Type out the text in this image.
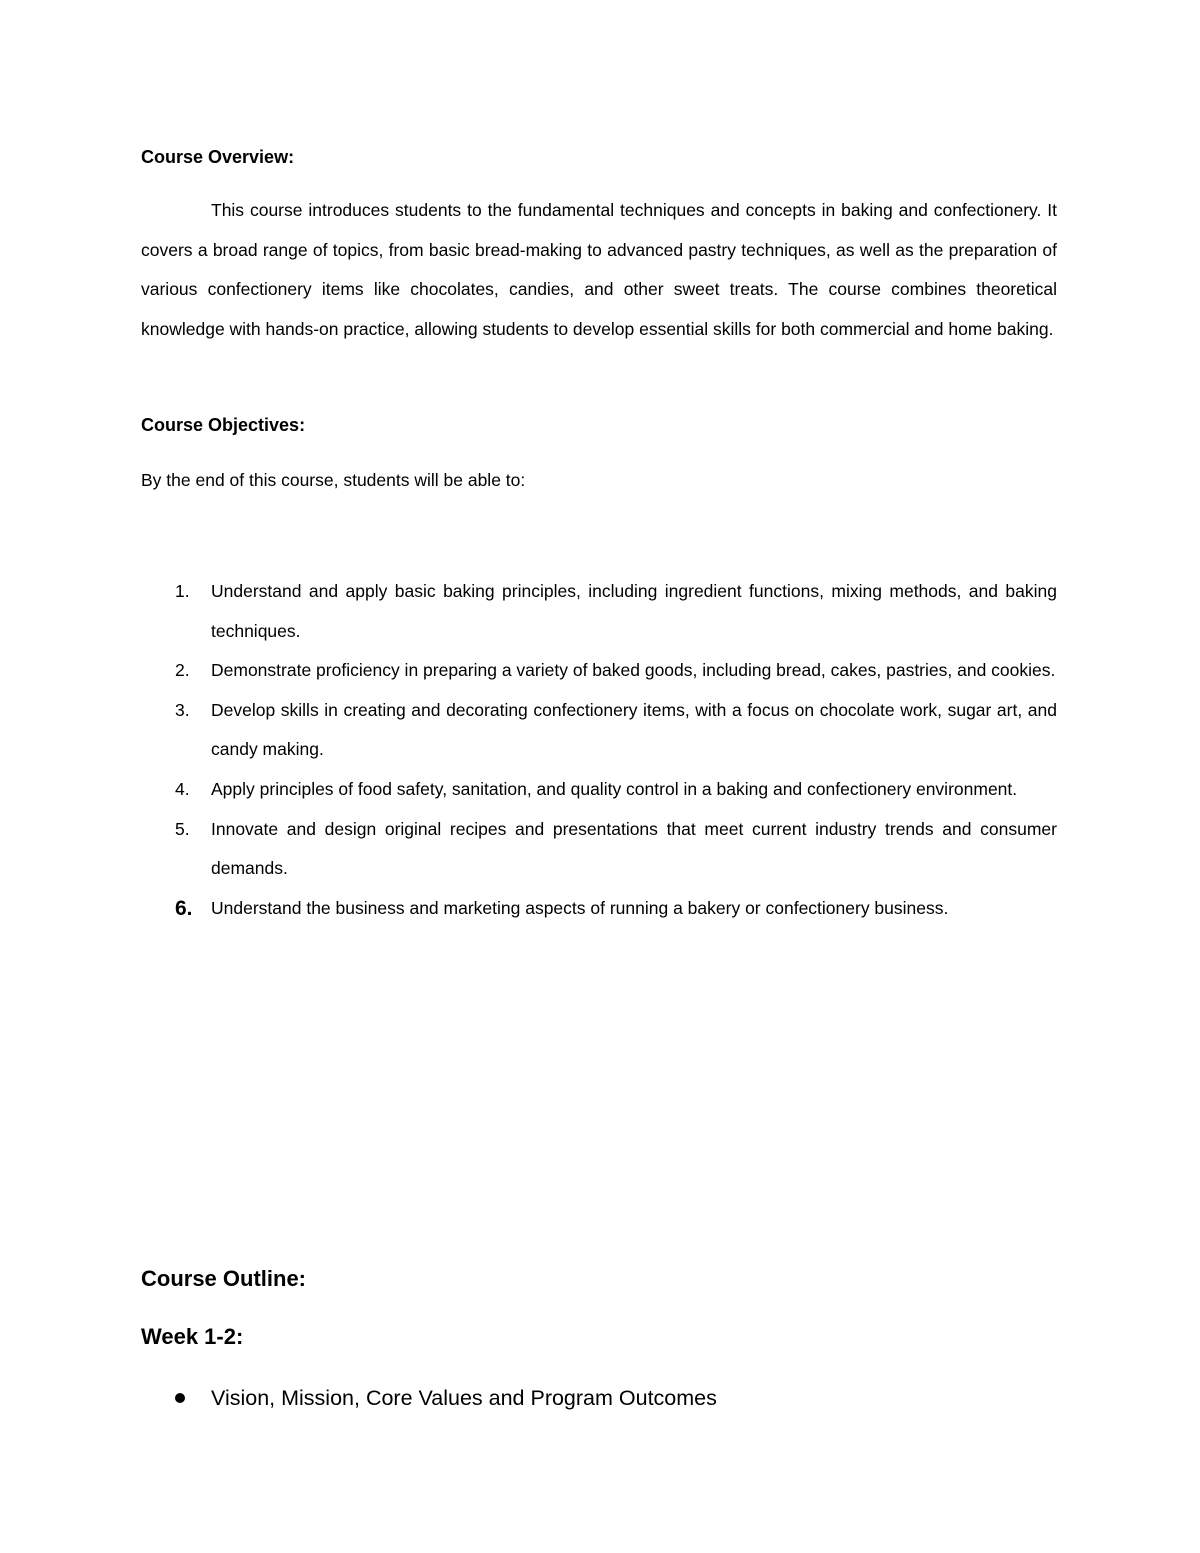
Course Overview:
This course introduces students to the fundamental techniques and concepts in baking and confectionery. It covers a broad range of topics, from basic bread-making to advanced pastry techniques, as well as the preparation of various confectionery items like chocolates, candies, and other sweet treats. The course combines theoretical knowledge with hands-on practice, allowing students to develop essential skills for both commercial and home baking.
Course Objectives:
By the end of this course, students will be able to:
1.	Understand and apply basic baking principles, including ingredient functions, mixing methods, and baking techniques.
2.	Demonstrate proficiency in preparing a variety of baked goods, including bread, cakes, pastries, and cookies.
3.	Develop skills in creating and decorating confectionery items, with a focus on chocolate work, sugar art, and candy making.
4.	Apply principles of food safety, sanitation, and quality control in a baking and confectionery environment.
5.	Innovate and design original recipes and presentations that meet current industry trends and consumer demands.
6.	Understand the business and marketing aspects of running a bakery or confectionery business.
Course Outline:
Week 1-2:
Vision, Mission, Core Values and Program Outcomes
